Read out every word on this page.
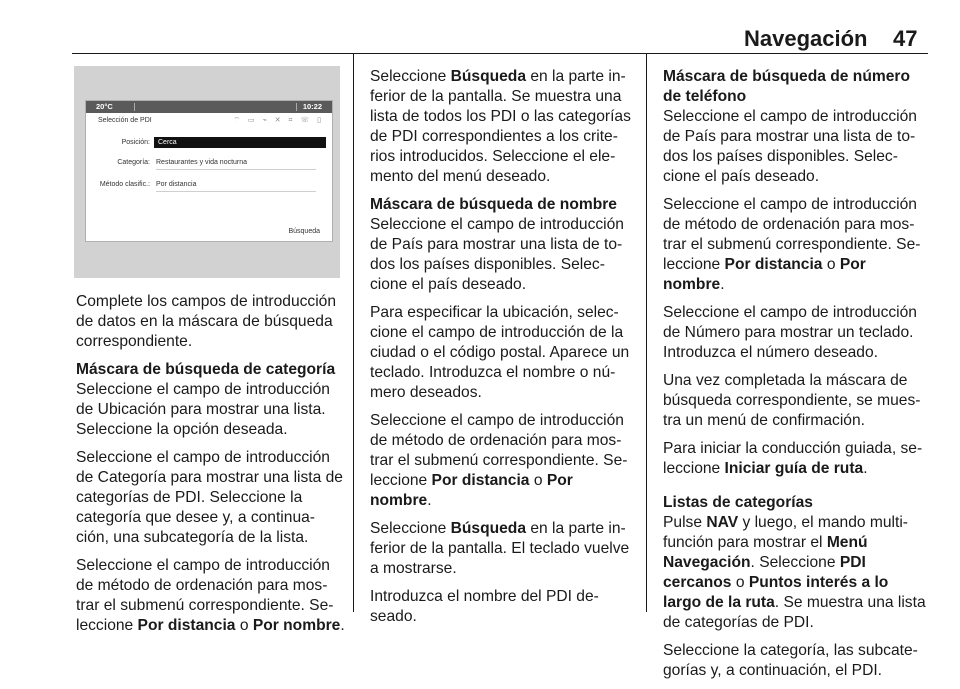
Navegación 47
20°C	10:22
Selección de PDI	⌔ ▭ ⌁ ✕ ⌗ ☏ ▯
Posición:	Cerca
Categoría: Restaurantes y vida nocturna
Método clasific.: Por distancia
Búsqueda

Complete los campos de introducción de datos en la máscara de búsqueda correspondiente.

Máscara de búsqueda de categoría

Seleccione el campo de introducción de Ubicación para mostrar una lista. Seleccione la opción deseada.

Seleccione el campo de introducción de Categoría para mostrar una lista de categorías de PDI. Seleccione la categoría que desee y, a continua- ción, una subcategoría de la lista.

Seleccione el campo de introducción de método de ordenación para mos- trar el submenú correspondiente. Se- leccione Por distancia o Por nombre.

Seleccione Búsqueda en la parte in- ferior de la pantalla. Se muestra una lista de todos los PDI o las categorías de PDI correspondientes a los crite- rios introducidos. Seleccione el ele- mento del menú deseado.

Máscara de búsqueda de nombre

Seleccione el campo de introducción de País para mostrar una lista de to- dos los países disponibles. Selec- cione el país deseado.

Para especificar la ubicación, selec- cione el campo de introducción de la ciudad o el código postal. Aparece un teclado. Introduzca el nombre o nú- mero deseados.

Seleccione el campo de introducción de método de ordenación para mos- trar el submenú correspondiente. Se- leccione Por distancia o Por nombre.

Seleccione Búsqueda en la parte in- ferior de la pantalla. El teclado vuelve a mostrarse.

Introduzca el nombre del PDI de- seado.

Máscara de búsqueda de número de teléfono

Seleccione el campo de introducción de País para mostrar una lista de to- dos los países disponibles. Selec- cione el país deseado.

Seleccione el campo de introducción de método de ordenación para mos- trar el submenú correspondiente. Se- leccione Por distancia o Por nombre.

Seleccione el campo de introducción de Número para mostrar un teclado. Introduzca el número deseado.

Una vez completada la máscara de búsqueda correspondiente, se mues- tra un menú de confirmación.

Para iniciar la conducción guiada, se- leccione Iniciar guía de ruta.

Listas de categorías

Pulse NAV y luego, el mando multi- función para mostrar el Menú Navegación. Seleccione PDI cercanos o Puntos interés a lo largo de la ruta. Se muestra una lista de categorías de PDI.

Seleccione la categoría, las subcate- gorías y, a continuación, el PDI.
